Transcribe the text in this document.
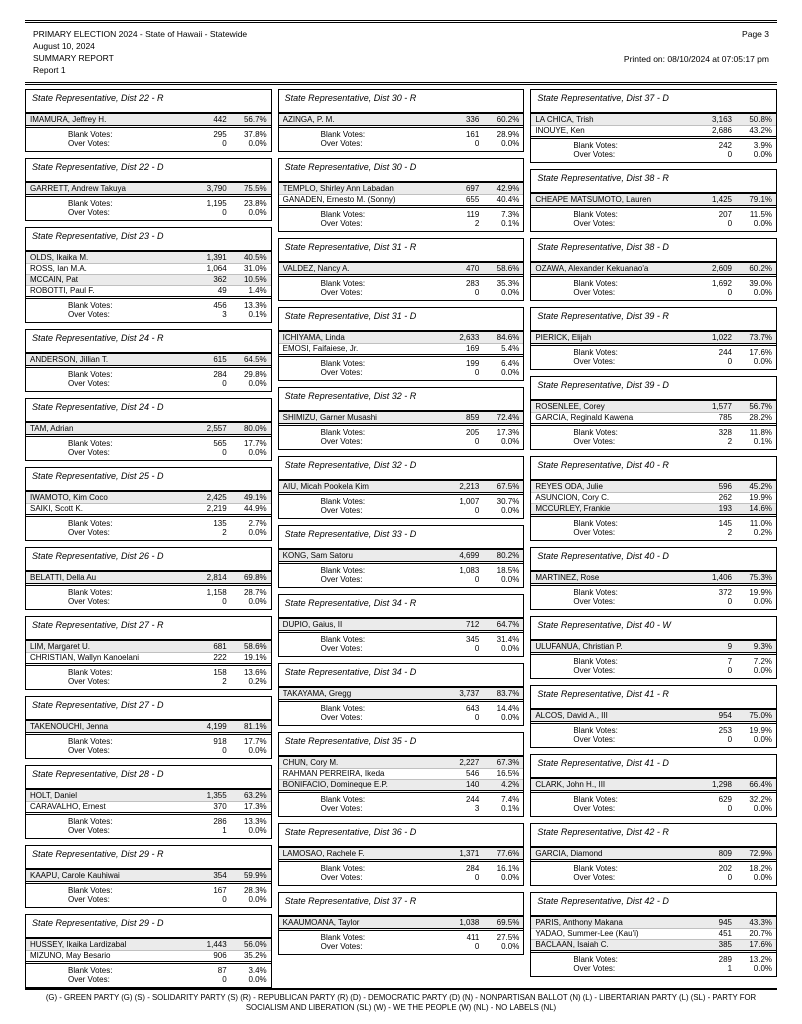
PRIMARY ELECTION 2024 - State of Hawaii - Statewide
August 10, 2024
SUMMARY REPORT
Report 1
Page 3
Printed on: 08/10/2024 at 07:05:17 pm
State Representative, Dist 22 - R
IMAMURA, Jeffrey H.	442	56.7%
Blank Votes:	295	37.8%
Over Votes:	0	0.0%
State Representative, Dist 22 - D
GARRETT, Andrew Takuya	3,790	75.5%
Blank Votes:	1,195	23.8%
Over Votes:	0	0.0%
State Representative, Dist 23 - D
OLDS, Ikaika M.	1,391	40.5%
ROSS, Ian M.A.	1,064	31.0%
MCCAIN, Pat	362	10.5%
ROBOTTI, Paul F.	49	1.4%
Blank Votes:	456	13.3%
Over Votes:	3	0.1%
State Representative, Dist 24 - R
ANDERSON, Jillian T.	615	64.5%
Blank Votes:	284	29.8%
Over Votes:	0	0.0%
State Representative, Dist 24 - D
TAM, Adrian	2,557	80.0%
Blank Votes:	565	17.7%
Over Votes:	0	0.0%
State Representative, Dist 25 - D
IWAMOTO, Kim Coco	2,425	49.1%
SAIKI, Scott K.	2,219	44.9%
Blank Votes:	135	2.7%
Over Votes:	2	0.0%
State Representative, Dist 26 - D
BELATTI, Della Au	2,814	69.8%
Blank Votes:	1,158	28.7%
Over Votes:	0	0.0%
State Representative, Dist 27 - R
LIM, Margaret U.	681	58.6%
CHRISTIAN, Wallyn Kanoelani	222	19.1%
Blank Votes:	158	13.6%
Over Votes:	2	0.2%
State Representative, Dist 27 - D
TAKENOUCHI, Jenna	4,199	81.1%
Blank Votes:	918	17.7%
Over Votes:	0	0.0%
State Representative, Dist 28 - D
HOLT, Daniel	1,355	63.2%
CARAVALHO, Ernest	370	17.3%
Blank Votes:	286	13.3%
Over Votes:	1	0.0%
State Representative, Dist 29 - R
KAAPU, Carole Kauhiwai	354	59.9%
Blank Votes:	167	28.3%
Over Votes:	0	0.0%
State Representative, Dist 29 - D
HUSSEY, Ikaika Lardizabal	1,443	56.0%
MIZUNO, May Besario	906	35.2%
Blank Votes:	87	3.4%
Over Votes:	0	0.0%
State Representative, Dist 30 - R
AZINGA, P. M.	336	60.2%
Blank Votes:	161	28.9%
Over Votes:	0	0.0%
State Representative, Dist 30 - D
TEMPLO, Shirley Ann Labadan	697	42.9%
GANADEN, Ernesto M. (Sonny)	655	40.4%
Blank Votes:	119	7.3%
Over Votes:	2	0.1%
State Representative, Dist 31 - R
VALDEZ, Nancy A.	470	58.6%
Blank Votes:	283	35.3%
Over Votes:	0	0.0%
State Representative, Dist 31 - D
ICHIYAMA, Linda	2,633	84.6%
EMOSI, Faifaiese, Jr.	169	5.4%
Blank Votes:	199	6.4%
Over Votes:	0	0.0%
State Representative, Dist 32 - R
SHIMIZU, Garner Musashi	859	72.4%
Blank Votes:	205	17.3%
Over Votes:	0	0.0%
State Representative, Dist 32 - D
AIU, Micah Pookela Kim	2,213	67.5%
Blank Votes:	1,007	30.7%
Over Votes:	0	0.0%
State Representative, Dist 33 - D
KONG, Sam Satoru	4,699	80.2%
Blank Votes:	1,083	18.5%
Over Votes:	0	0.0%
State Representative, Dist 34 - R
DUPIO, Gaius, II	712	64.7%
Blank Votes:	345	31.4%
Over Votes:	0	0.0%
State Representative, Dist 34 - D
TAKAYAMA, Gregg	3,737	83.7%
Blank Votes:	643	14.4%
Over Votes:	0	0.0%
State Representative, Dist 35 - D
CHUN, Cory M.	2,227	67.3%
RAHMAN PERREIRA, Ikeda	546	16.5%
BONIFACIO, Domineque E.P.	140	4.2%
Blank Votes:	244	7.4%
Over Votes:	3	0.1%
State Representative, Dist 36 - D
LAMOSAO, Rachele F.	1,371	77.6%
Blank Votes:	284	16.1%
Over Votes:	0	0.0%
State Representative, Dist 37 - R
KAAUMOANA, Taylor	1,038	69.5%
Blank Votes:	411	27.5%
Over Votes:	0	0.0%
State Representative, Dist 37 - D
LA CHICA, Trish	3,163	50.8%
INOUYE, Ken	2,686	43.2%
Blank Votes:	242	3.9%
Over Votes:	0	0.0%
State Representative, Dist 38 - R
CHEAPE MATSUMOTO, Lauren	1,425	79.1%
Blank Votes:	207	11.5%
Over Votes:	0	0.0%
State Representative, Dist 38 - D
OZAWA, Alexander Kekuanao'a	2,609	60.2%
Blank Votes:	1,692	39.0%
Over Votes:	0	0.0%
State Representative, Dist 39 - R
PIERICK, Elijah	1,022	73.7%
Blank Votes:	244	17.6%
Over Votes:	0	0.0%
State Representative, Dist 39 - D
ROSENLEE, Corey	1,577	56.7%
GARCIA, Reginald Kawena	785	28.2%
Blank Votes:	328	11.8%
Over Votes:	2	0.1%
State Representative, Dist 40 - R
REYES ODA, Julie	596	45.2%
ASUNCION, Cory C.	262	19.9%
MCCURLEY, Frankie	193	14.6%
Blank Votes:	145	11.0%
Over Votes:	2	0.2%
State Representative, Dist 40 - D
MARTINEZ, Rose	1,406	75.3%
Blank Votes:	372	19.9%
Over Votes:	0	0.0%
State Representative, Dist 40 - W
ULUFANUA, Christian P.	9	9.3%
Blank Votes:	7	7.2%
Over Votes:	0	0.0%
State Representative, Dist 41 - R
ALCOS, David A., III	954	75.0%
Blank Votes:	253	19.9%
Over Votes:	0	0.0%
State Representative, Dist 41 - D
CLARK, John H., III	1,298	66.4%
Blank Votes:	629	32.2%
Over Votes:	0	0.0%
State Representative, Dist 42 - R
GARCIA, Diamond	809	72.9%
Blank Votes:	202	18.2%
Over Votes:	0	0.0%
State Representative, Dist 42 - D
PARIS, Anthony Makana	945	43.3%
YADAO, Summer-Lee (Kau'i)	451	20.7%
BACLAAN, Isaiah C.	385	17.6%
Blank Votes:	289	13.2%
Over Votes:	1	0.0%
(G) - GREEN PARTY (G) (S) - SOLIDARITY PARTY (S) (R) - REPUBLICAN PARTY (R) (D) - DEMOCRATIC PARTY (D) (N) - NONPARTISAN BALLOT (N) (L) - LIBERTARIAN PARTY (L) (SL) - PARTY FOR SOCIALISM AND LIBERATION (SL) (W) - WE THE PEOPLE (W) (NL) - NO LABELS (NL)
